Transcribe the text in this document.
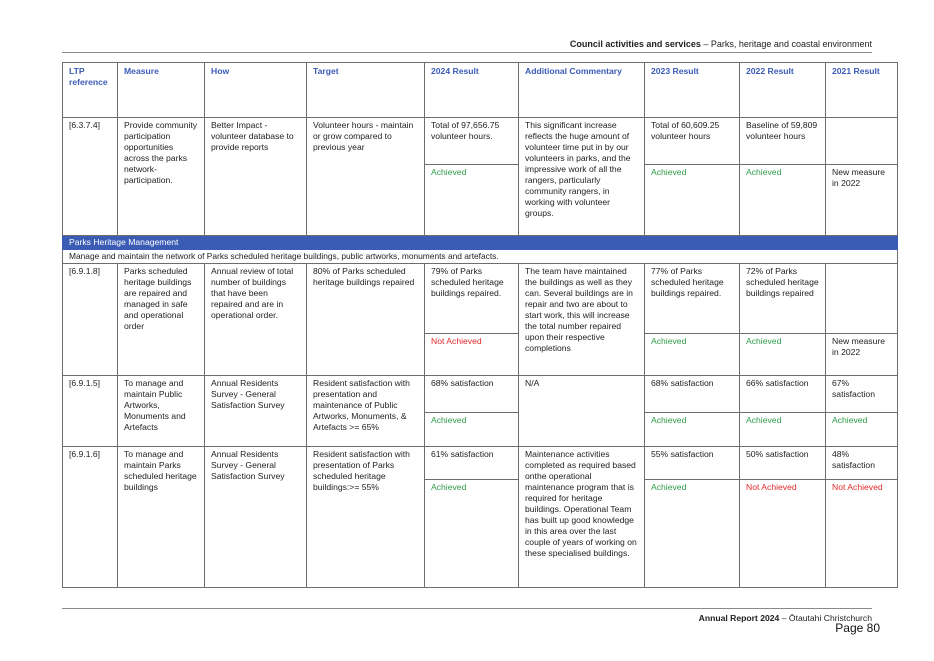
Council activities and services – Parks, heritage and coastal environment
LTP reference	Measure	How	Target	2024 Result	Additional Commentary	2023 Result	2022 Result	2021 Result
[6.3.7.4]	Provide community participation opportunities across the parks network-participation.	Better Impact - volunteer database to provide reports	Volunteer hours - maintain or grow compared to previous year	Total of 97,656.75 volunteer hours.	This significant increase reflects the huge amount of volunteer time put in by our volunteers in parks, and the impressive work of all the rangers, particularly community rangers, in working with volunteer groups.	Total of 60,609.25 volunteer hours	Baseline of 59,809 volunteer hours	
				Achieved		Achieved	Achieved	New measure in 2022
Parks Heritage Management								
Manage and maintain the network of Parks scheduled heritage buildings, public artworks, monuments and artefacts.								
[6.9.1.8]	Parks scheduled heritage buildings are repaired and managed in safe and operational order	Annual review of total number of buildings that have been repaired and are in operational order.	80% of Parks scheduled heritage buildings repaired	79% of Parks scheduled heritage buildings repaired.	The team have maintained the buildings as well as they can. Several buildings are in repair and two are about to start work, this will increase the total number repaired upon their respective completions	77% of Parks scheduled heritage buildings repaired.	72% of Parks scheduled heritage buildings repaired	
				Not Achieved		Achieved	Achieved	New measure in 2022
[6.9.1.5]	To manage and maintain Public Artworks, Monuments and Artefacts	Annual Residents Survey - General Satisfaction Survey	Resident satisfaction with presentation and maintenance of Public Artworks, Monuments, & Artefacts >= 65%	68% satisfaction	N/A	68% satisfaction	66% satisfaction	67% satisfaction
				Achieved		Achieved	Achieved	Achieved
[6.9.1.6]	To manage and maintain Parks scheduled heritage buildings	Annual Residents Survey - General Satisfaction Survey	Resident satisfaction with presentation of Parks scheduled heritage buildings:>= 55%	61% satisfaction	Maintenance activities completed as required based onthe operational maintenance program that is required for heritage buildings. Operational Team has built up good knowledge in this area over the last couple of years of working on these specialised buildings.	55% satisfaction	50% satisfaction	48% satisfaction
				Achieved		Achieved	Not Achieved	Not Achieved
Annual Report 2024 – Ōtautahi Christchurch
Page 80
